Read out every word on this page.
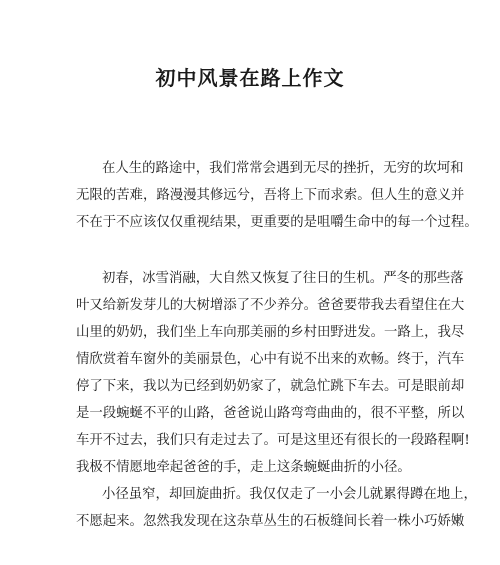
初中风景在路上作文
在人生的路途中，我们常常会遇到无尽的挫折，无穷的坎坷和
无限的苦难，路漫漫其修远兮，吾将上下而求索。但人生的意义并
不在于不应该仅仅重视结果，更重要的是咀嚼生命中的每一个过程。
初春，冰雪消融，大自然又恢复了往日的生机。严冬的那些落
叶又给新发芽儿的大树增添了不少养分。爸爸要带我去看望住在大
山里的奶奶，我们坐上车向那美丽的乡村田野进发。一路上，我尽
情欣赏着车窗外的美丽景色，心中有说不出来的欢畅。终于，汽车
停了下来，我以为已经到奶奶家了，就急忙跳下车去。可是眼前却
是一段蜿蜒不平的山路，爸爸说山路弯弯曲曲的，很不平整，所以
车开不过去，我们只有走过去了。可是这里还有很长的一段路程啊!
我极不情愿地牵起爸爸的手，走上这条蜿蜒曲折的小径。
小径虽窄，却回旋曲折。我仅仅走了一小会儿就累得蹲在地上，
不愿起来。忽然我发现在这杂草丛生的石板缝间长着一株小巧娇嫩
